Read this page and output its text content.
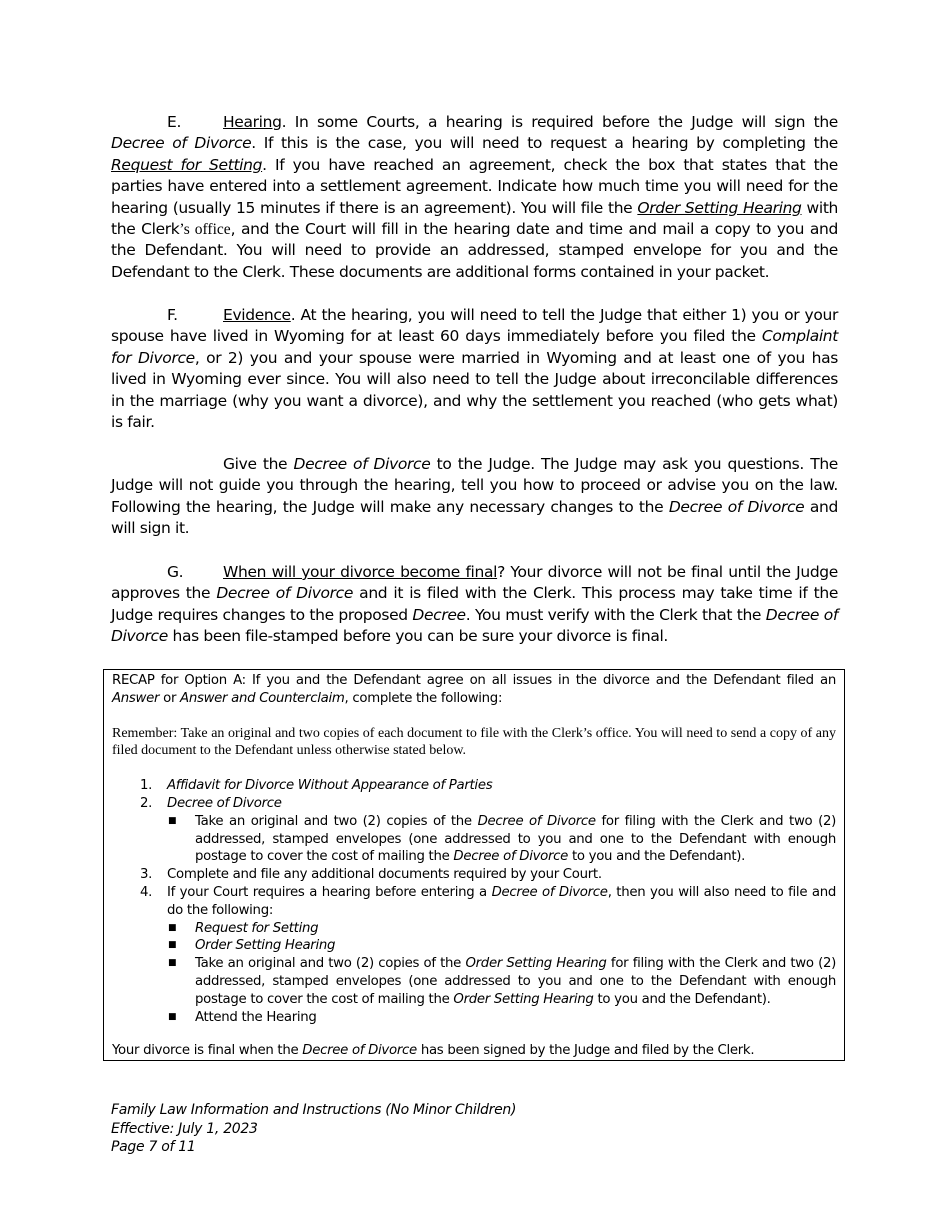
E.	Hearing. In some Courts, a hearing is required before the Judge will sign the Decree of Divorce. If this is the case, you will need to request a hearing by completing the Request for Setting. If you have reached an agreement, check the box that states that the parties have entered into a settlement agreement. Indicate how much time you will need for the hearing (usually 15 minutes if there is an agreement). You will file the Order Setting Hearing with the Clerk’s office, and the Court will fill in the hearing date and time and mail a copy to you and the Defendant. You will need to provide an addressed, stamped envelope for you and the Defendant to the Clerk. These documents are additional forms contained in your packet.
F.	Evidence. At the hearing, you will need to tell the Judge that either 1) you or your spouse have lived in Wyoming for at least 60 days immediately before you filed the Complaint for Divorce, or 2) you and your spouse were married in Wyoming and at least one of you has lived in Wyoming ever since. You will also need to tell the Judge about irreconcilable differences in the marriage (why you want a divorce), and why the settlement you reached (who gets what) is fair.
Give the Decree of Divorce to the Judge. The Judge may ask you questions. The Judge will not guide you through the hearing, tell you how to proceed or advise you on the law. Following the hearing, the Judge will make any necessary changes to the Decree of Divorce and will sign it.
G.	When will your divorce become final? Your divorce will not be final until the Judge approves the Decree of Divorce and it is filed with the Clerk. This process may take time if the Judge requires changes to the proposed Decree. You must verify with the Clerk that the Decree of Divorce has been file-stamped before you can be sure your divorce is final.

RECAP for Option A: If you and the Defendant agree on all issues in the divorce and the Defendant filed an Answer or Answer and Counterclaim, complete the following:

Remember: Take an original and two copies of each document to file with the Clerk’s office. You will need to send a copy of any filed document to the Defendant unless otherwise stated below.

1. Affidavit for Divorce Without Appearance of Parties
2. Decree of Divorce
■ Take an original and two (2) copies of the Decree of Divorce for filing with the Clerk and two (2) addressed, stamped envelopes (one addressed to you and one to the Defendant with enough postage to cover the cost of mailing the Decree of Divorce to you and the Defendant).
3. Complete and file any additional documents required by your Court.
4. If your Court requires a hearing before entering a Decree of Divorce, then you will also need to file and do the following:
■ Request for Setting
■ Order Setting Hearing
■ Take an original and two (2) copies of the Order Setting Hearing for filing with the Clerk and two (2) addressed, stamped envelopes (one addressed to you and one to the Defendant with enough postage to cover the cost of mailing the Order Setting Hearing to you and the Defendant).
■ Attend the Hearing

Your divorce is final when the Decree of Divorce has been signed by the Judge and filed by the Clerk.

Family Law Information and Instructions (No Minor Children)
Effective: July 1, 2023
Page 7 of 11
